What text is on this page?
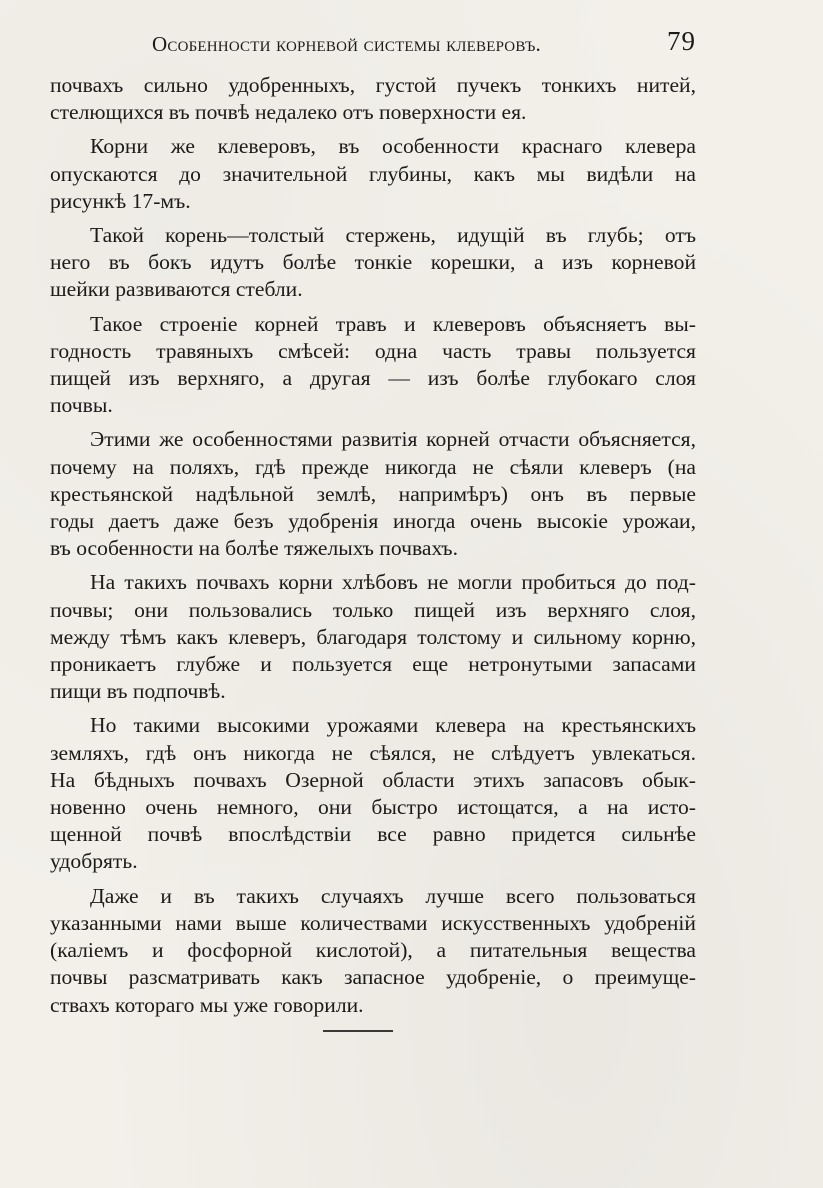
Особенности корневой системы клеверовъ.	79
почвахъ сильно удобренныхъ, густой пучекъ тонкихъ нитей,
стелющихся въ почвѣ недалеко отъ поверхности ея.
Корни же клеверовъ, въ особенности краснаго клевера
опускаются до значительной глубины, какъ мы видѣли на
рисункѣ 17-мъ.
Такой корень—толстый стержень, идущій въ глубь; отъ
него въ бокъ идутъ болѣе тонкіе корешки, а изъ корневой
шейки развиваются стебли.
Такое строеніе корней травъ и клеверовъ объясняетъ вы-
годность травяныхъ смѣсей: одна часть травы пользуется
пищей изъ верхняго, а другая — изъ болѣе глубокаго слоя
почвы.
Этими же особенностями развитія корней отчасти объясняется,
почему на поляхъ, гдѣ прежде никогда не сѣяли клеверъ (на
крестьянской надѣльной землѣ, напримѣръ) онъ въ первые
годы даетъ даже безъ удобренія иногда очень высокіе урожаи,
въ особенности на болѣе тяжелыхъ почвахъ.
На такихъ почвахъ корни хлѣбовъ не могли пробиться до под-
почвы; они пользовались только пищей изъ верхняго слоя,
между тѣмъ какъ клеверъ, благодаря толстому и сильному корню,
проникаетъ глубже и пользуется еще нетронутыми запасами
пищи въ подпочвѣ.
Но такими высокими урожаями клевера на крестьянскихъ
земляхъ, гдѣ онъ никогда не сѣялся, не слѣдуетъ увлекаться.
На бѣдныхъ почвахъ Озерной области этихъ запасовъ обык-
новенно очень немного, они быстро истощатся, а на исто-
щенной почвѣ впослѣдствіи все равно придется сильнѣе
удобрять.
Даже и въ такихъ случаяхъ лучше всего пользоваться
указанными нами выше количествами искусственныхъ удобреній
(каліемъ и фосфорной кислотой), а питательныя вещества
почвы разсматривать какъ запасное удобреніе, о преимуще-
ствахъ котораго мы уже говорили.
